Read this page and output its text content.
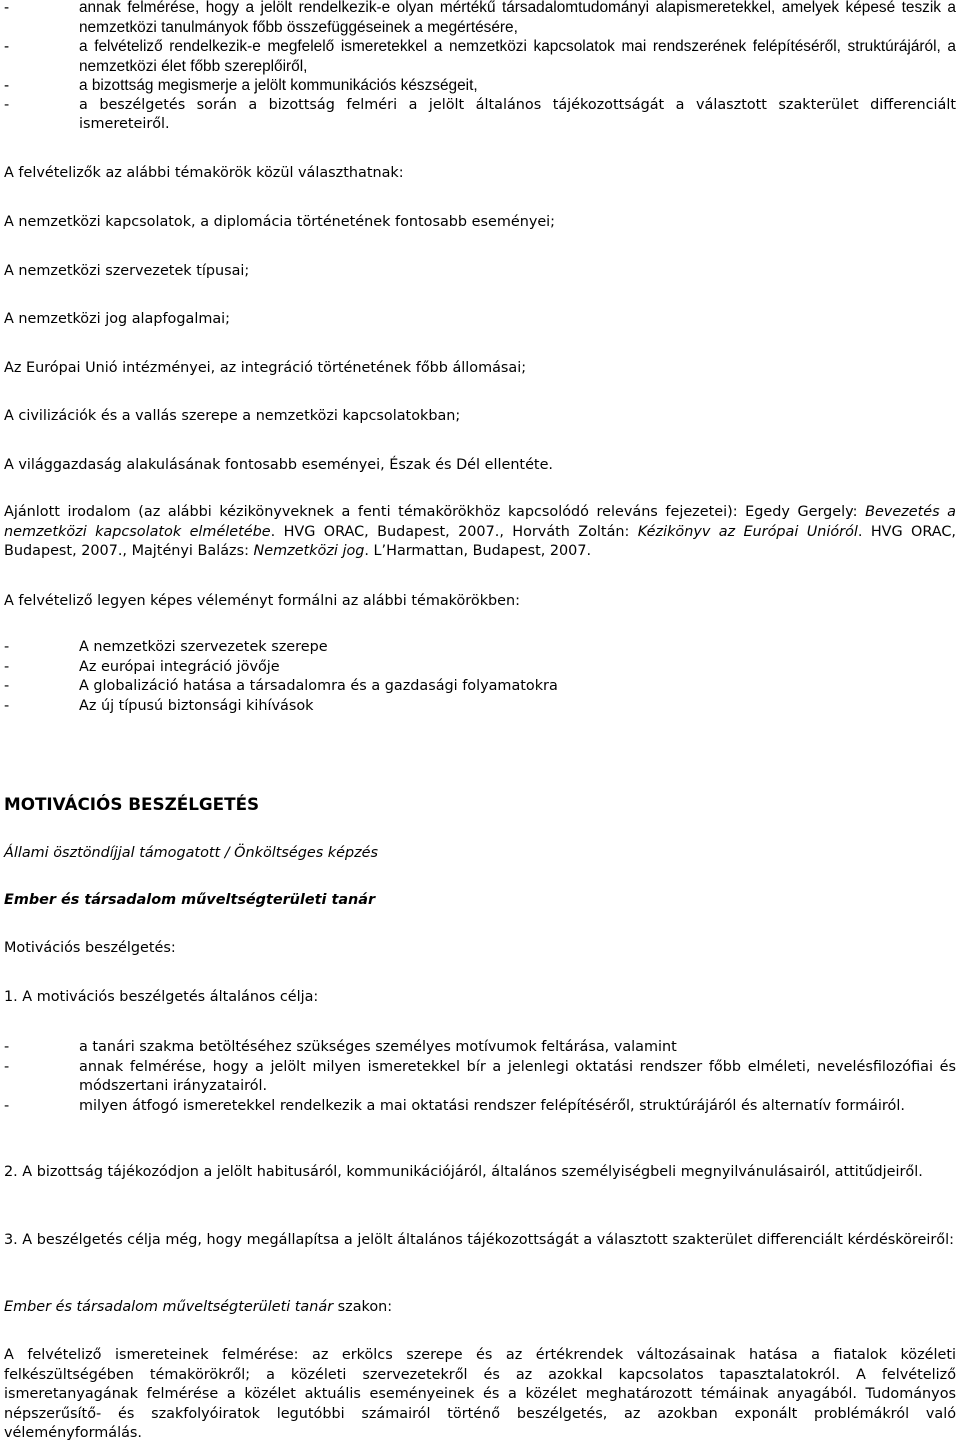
-	annak felmérése, hogy a jelölt rendelkezik-e olyan mértékű társadalomtudományi alapismeretekkel, amelyek képesé teszik a nemzetközi tanulmányok főbb összefüggéseinek a megértésére,
-	a felvételiző rendelkezik-e megfelelő ismeretekkel a nemzetközi kapcsolatok mai rendszerének felépítéséről, struktúrájáról, a nemzetközi élet főbb szereplőiről,
-	a bizottság megismerje a jelölt kommunikációs készségeit,
-	a beszélgetés során a bizottság felméri a jelölt általános tájékozottságát a választott szakterület differenciált ismereteiről.

A felvételizők az alábbi témakörök közül választhatnak:

A nemzetközi kapcsolatok, a diplomácia történetének fontosabb eseményei;

A nemzetközi szervezetek típusai;

A nemzetközi jog alapfogalmai;

Az Európai Unió intézményei, az integráció történetének főbb állomásai;

A civilizációk és a vallás szerepe a nemzetközi kapcsolatokban;

A világgazdaság alakulásának fontosabb eseményei, Észak és Dél ellentéte.

Ajánlott irodalom (az alábbi kézikönyveknek a fenti témakörökhöz kapcsolódó releváns fejezetei): Egedy Gergely: Bevezetés a nemzetközi kapcsolatok elméletébe. HVG ORAC, Budapest, 2007., Horváth Zoltán: Kézikönyv az Európai Unióról. HVG ORAC, Budapest, 2007., Majtényi Balázs: Nemzetközi jog. L’Harmattan, Budapest, 2007.

A felvételiző legyen képes véleményt formálni az alábbi témakörökben:

-	A nemzetközi szervezetek szerepe
-	Az európai integráció jövője
-	A globalizáció hatása a társadalomra és a gazdasági folyamatokra
-	Az új típusú biztonsági kihívások
MOTIVÁCIÓS BESZÉLGETÉS

Állami ösztöndíjjal támogatott / Önköltséges képzés

Ember és társadalom műveltségterületi tanár

Motivációs beszélgetés:

1. A motivációs beszélgetés általános célja:

-	a tanári szakma betöltéséhez szükséges személyes motívumok feltárása, valamint
-	annak felmérése, hogy a jelölt milyen ismeretekkel bír a jelenlegi oktatási rendszer főbb elméleti, nevelésfilozófiai és módszertani irányzatairól.
-	milyen átfogó ismeretekkel rendelkezik a mai oktatási rendszer felépítéséről, struktúrájáról és alternatív formáiról.

2. A bizottság tájékozódjon a jelölt habitusáról, kommunikációjáról, általános személyiségbeli megnyilvánulásairól, attitűdjeiről.

3. A beszélgetés célja még, hogy megállapítsa a jelölt általános tájékozottságát a választott szakterület differenciált kérdésköreiről:

Ember és társadalom műveltségterületi tanár szakon:

A felvételiző ismereteinek felmérése: az erkölcs szerepe és az értékrendek változásainak hatása a fiatalok közéleti felkészültségében témakörökről; a közéleti szervezetekről és az azokkal kapcsolatos tapasztalatokról. A felvételiző ismeretanyagának felmérése a közélet aktuális eseményeinek és a közélet meghatározott témáinak anyagából. Tudományos népszerűsítő- és szakfolyóiratok legutóbbi számairól történő beszélgetés, az azokban exponált problémákról való véleményformálás.
